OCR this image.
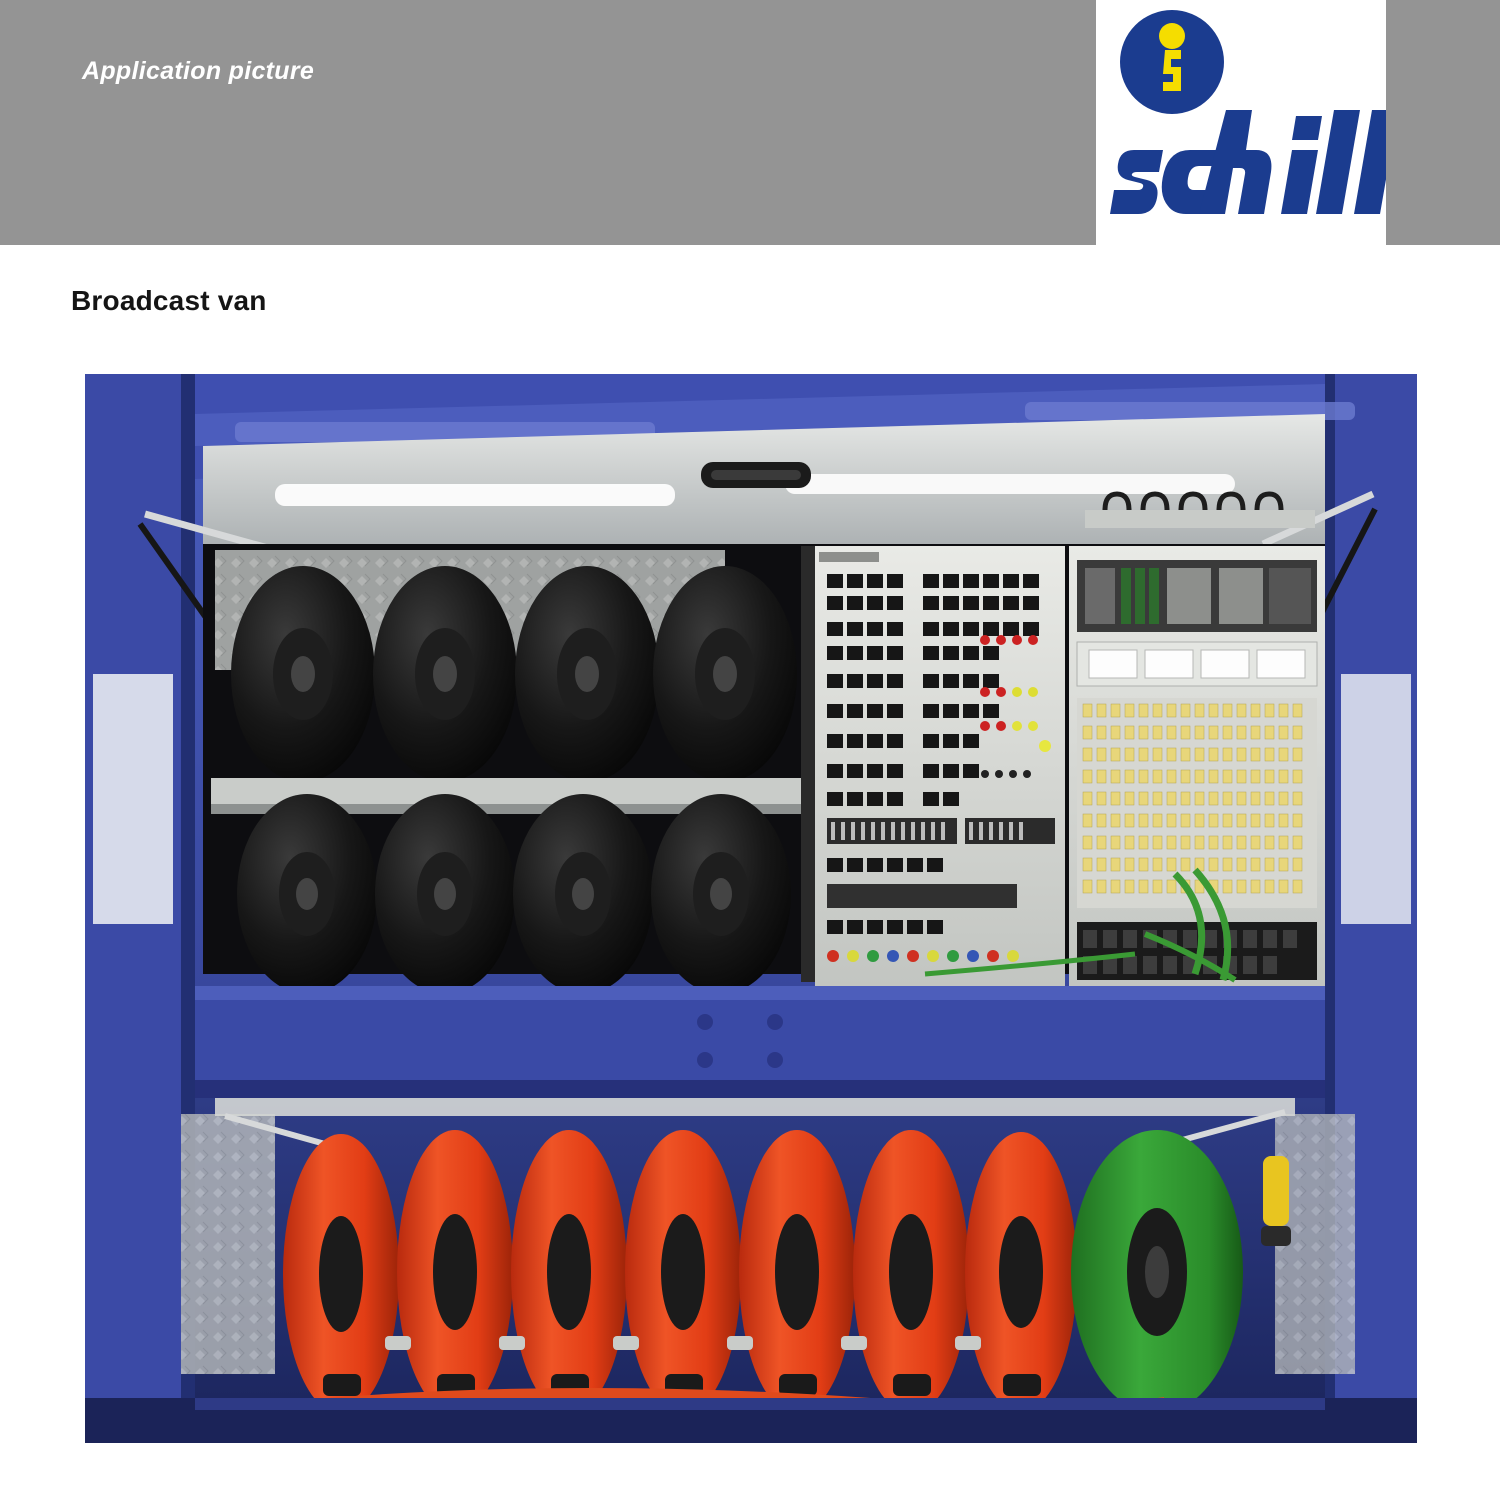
Application picture
Broadcast van
